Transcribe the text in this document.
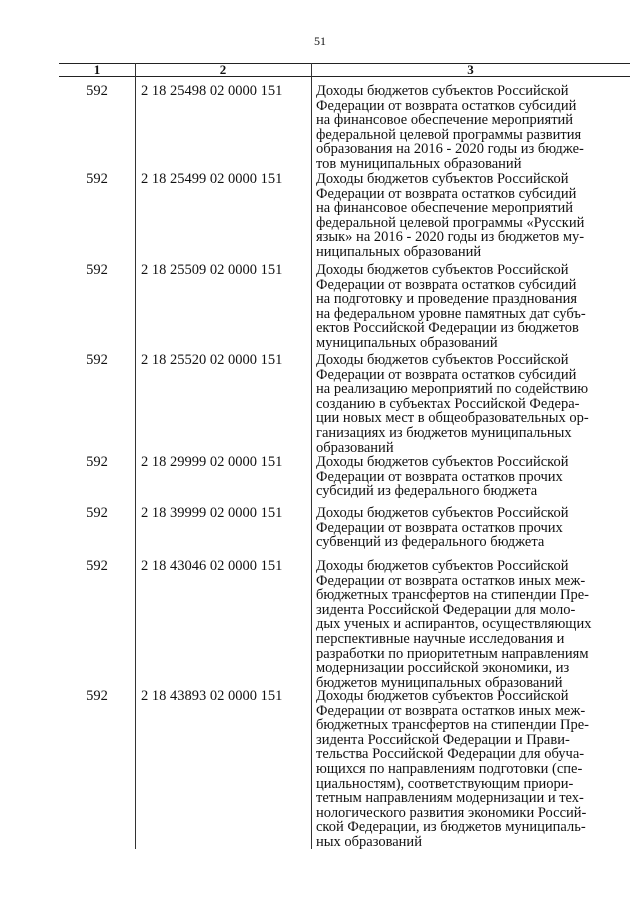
51
1	2	3
592	2 18 25498 02 0000 151	Доходы бюджетов субъектов Российской
Федерации от возврата остатков субсидий
на финансовое обеспечение мероприятий
федеральной целевой программы развития
образования на 2016 - 2020 годы из бюдже-
тов муниципальных образований
592	2 18 25499 02 0000 151	Доходы бюджетов субъектов Российской
Федерации от возврата остатков субсидий
на финансовое обеспечение мероприятий
федеральной целевой программы «Русский
язык» на 2016 - 2020 годы из бюджетов му-
ниципальных образований
592	2 18 25509 02 0000 151	Доходы бюджетов субъектов Российской
Федерации от возврата остатков субсидий
на подготовку и проведение празднования
на федеральном уровне памятных дат субъ-
ектов Российской Федерации из бюджетов
муниципальных образований
592	2 18 25520 02 0000 151	Доходы бюджетов субъектов Российской
Федерации от возврата остатков субсидий
на реализацию мероприятий по содействию
созданию в субъектах Российской Федера-
ции новых мест в общеобразовательных ор-
ганизациях из бюджетов муниципальных
образований
592	2 18 29999 02 0000 151	Доходы бюджетов субъектов Российской
Федерации от возврата остатков прочих
субсидий из федерального бюджета
592	2 18 39999 02 0000 151	Доходы бюджетов субъектов Российской
Федерации от возврата остатков прочих
субвенций из федерального бюджета
592	2 18 43046 02 0000 151	Доходы бюджетов субъектов Российской
Федерации от возврата остатков иных меж-
бюджетных трансфертов на стипендии Пре-
зидента Российской Федерации для моло-
дых ученых и аспирантов, осуществляющих
перспективные научные исследования и
разработки по приоритетным направлениям
модернизации российской экономики, из
бюджетов муниципальных образований
592	2 18 43893 02 0000 151	Доходы бюджетов субъектов Российской
Федерации от возврата остатков иных меж-
бюджетных трансфертов на стипендии Пре-
зидента Российской Федерации и Прави-
тельства Российской Федерации для обуча-
ющихся по направлениям подготовки (спе-
циальностям), соответствующим приори-
тетным направлениям модернизации и тех-
нологического развития экономики Россий-
ской Федерации, из бюджетов муниципаль-
ных образований
